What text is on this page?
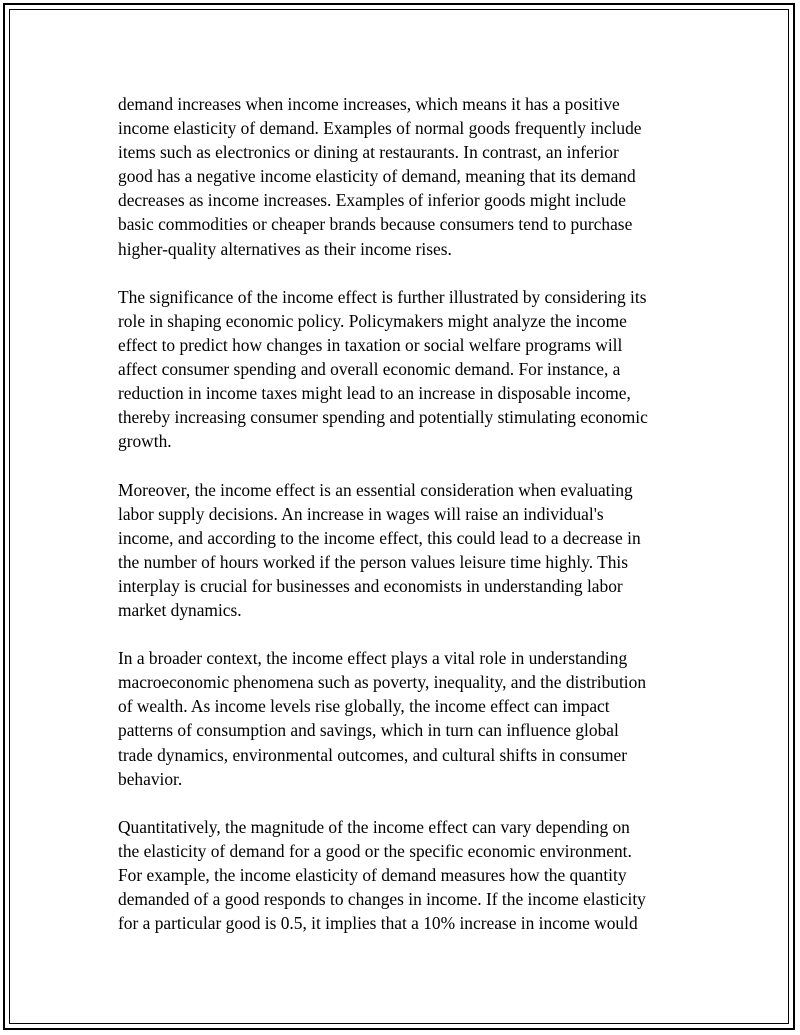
demand increases when income increases, which means it has a positive
income elasticity of demand. Examples of normal goods frequently include
items such as electronics or dining at restaurants. In contrast, an inferior
good has a negative income elasticity of demand, meaning that its demand
decreases as income increases. Examples of inferior goods might include
basic commodities or cheaper brands because consumers tend to purchase
higher-quality alternatives as their income rises.

The significance of the income effect is further illustrated by considering its
role in shaping economic policy. Policymakers might analyze the income
effect to predict how changes in taxation or social welfare programs will
affect consumer spending and overall economic demand. For instance, a
reduction in income taxes might lead to an increase in disposable income,
thereby increasing consumer spending and potentially stimulating economic
growth.

Moreover, the income effect is an essential consideration when evaluating
labor supply decisions. An increase in wages will raise an individual's
income, and according to the income effect, this could lead to a decrease in
the number of hours worked if the person values leisure time highly. This
interplay is crucial for businesses and economists in understanding labor
market dynamics.

In a broader context, the income effect plays a vital role in understanding
macroeconomic phenomena such as poverty, inequality, and the distribution
of wealth. As income levels rise globally, the income effect can impact
patterns of consumption and savings, which in turn can influence global
trade dynamics, environmental outcomes, and cultural shifts in consumer
behavior.

Quantitatively, the magnitude of the income effect can vary depending on
the elasticity of demand for a good or the specific economic environment.
For example, the income elasticity of demand measures how the quantity
demanded of a good responds to changes in income. If the income elasticity
for a particular good is 0.5, it implies that a 10% increase in income would
